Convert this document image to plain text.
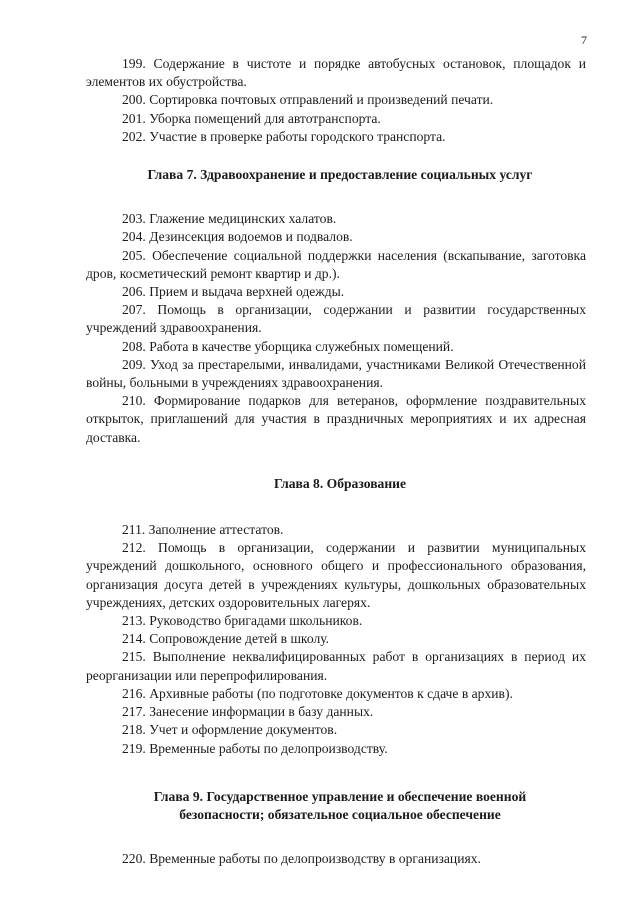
7

199. Содержание в чистоте и порядке автобусных остановок, площадок и элементов их обустройства.

200. Сортировка почтовых отправлений и произведений печати.

201. Уборка помещений для автотранспорта.

202. Участие в проверке работы городского транспорта.

Глава 7. Здравоохранение и предоставление социальных услуг

203. Глажение медицинских халатов.

204. Дезинсекция водоемов и подвалов.

205. Обеспечение социальной поддержки населения (вскапывание, заготовка дров, косметический ремонт квартир и др.).

206. Прием и выдача верхней одежды.

207. Помощь в организации, содержании и развитии государственных учреждений здравоохранения.

208. Работа в качестве уборщика служебных помещений.

209. Уход за престарелыми, инвалидами, участниками Великой Отечественной войны, больными в учреждениях здравоохранения.

210. Формирование подарков для ветеранов, оформление поздравительных открыток, приглашений для участия в праздничных мероприятиях и их адресная доставка.

Глава 8. Образование

211. Заполнение аттестатов.

212. Помощь в организации, содержании и развитии муниципальных учреждений дошкольного, основного общего и профессионального образования, организация досуга детей в учреждениях культуры, дошкольных образовательных учреждениях, детских оздоровительных лагерях.

213. Руководство бригадами школьников.

214. Сопровождение детей в школу.

215. Выполнение неквалифицированных работ в организациях в период их реорганизации или перепрофилирования.

216. Архивные работы (по подготовке документов к сдаче в архив).

217. Занесение информации в базу данных.

218. Учет и оформление документов.

219. Временные работы по делопроизводству.

Глава 9. Государственное управление и обеспечение военной
безопасности; обязательное социальное обеспечение

220. Временные работы по делопроизводству в организациях.
